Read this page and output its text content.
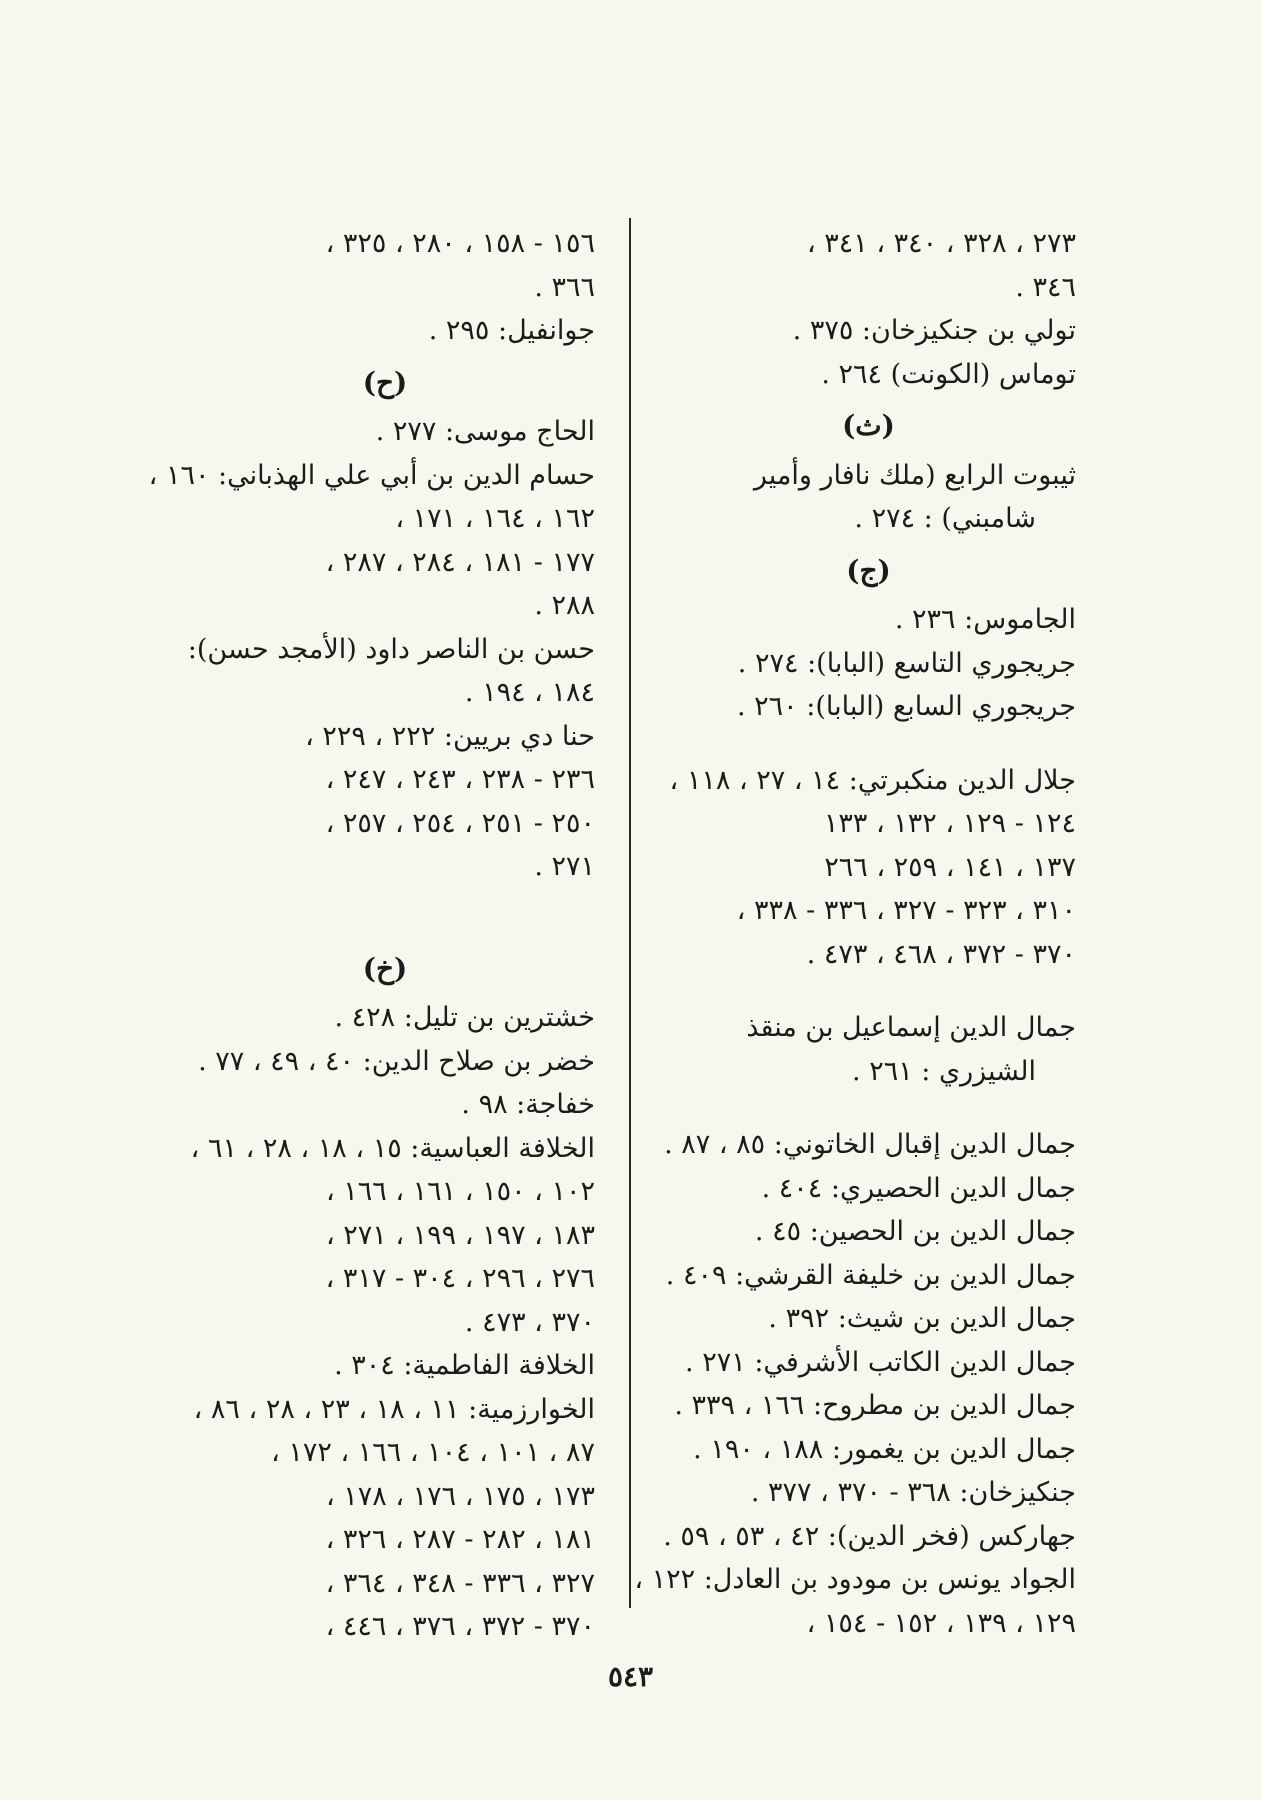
٢٧٣ ، ٣٢٨ ، ٣٤٠ ، ٣٤١ ،
٣٤٦ .
تولي بن جنكيزخان: ٣٧٥ .
توماس (الكونت) ٢٦٤ .
(ث)
ثيبوت الرابع (ملك نافار وأمير
شامبني) : ٢٧٤ .
(ج)
الجاموس: ٢٣٦ .
جريجوري التاسع (البابا): ٢٧٤ .
جريجوري السابع (البابا): ٢٦٠ .
جلال الدين منكبرتي: ١٤ ، ٢٧ ، ١١٨ ،
١٢٤ - ١٢٩ ، ١٣٢ ، ١٣٣
١٣٧ ، ١٤١ ، ٢٥٩ ، ٢٦٦
٣١٠ ، ٣٢٣ - ٣٢٧ ، ٣٣٦ - ٣٣٨ ،
٣٧٠ - ٣٧٢ ، ٤٦٨ ، ٤٧٣ .
جمال الدين إسماعيل بن منقذ
الشيزري : ٢٦١ .
جمال الدين إقبال الخاتوني: ٨٥ ، ٨٧ .
جمال الدين الحصيري: ٤٠٤ .
جمال الدين بن الحصين: ٤٥ .
جمال الدين بن خليفة القرشي: ٤٠٩ .
جمال الدين بن شيث: ٣٩٢ .
جمال الدين الكاتب الأشرفي: ٢٧١ .
جمال الدين بن مطروح: ١٦٦ ، ٣٣٩ .
جمال الدين بن يغمور: ١٨٨ ، ١٩٠ .
جنكيزخان: ٣٦٨ - ٣٧٠ ، ٣٧٧ .
جهاركس (فخر الدين): ٤٢ ، ٥٣ ، ٥٩ .
الجواد يونس بن مودود بن العادل: ١٢٢ ،
١٢٩ ، ١٣٩ ، ١٥٢ - ١٥٤ ،
١٥٦ - ١٥٨ ، ٢٨٠ ، ٣٢٥ ،
٣٦٦ .
جوانفيل: ٢٩٥ .
(ح)
الحاج موسى: ٢٧٧ .
حسام الدين بن أبي علي الهذباني: ١٦٠ ،
١٦٢ ، ١٦٤ ، ١٧١ ،
١٧٧ - ١٨١ ، ٢٨٤ ، ٢٨٧ ،
٢٨٨ .
حسن بن الناصر داود (الأمجد حسن):
١٨٤ ، ١٩٤ .
حنا دي بريين: ٢٢٢ ، ٢٢٩ ،
٢٣٦ - ٢٣٨ ، ٢٤٣ ، ٢٤٧ ،
٢٥٠ - ٢٥١ ، ٢٥٤ ، ٢٥٧ ،
٢٧١ .
(خ)
خشترين بن تليل: ٤٢٨ .
خضر بن صلاح الدين: ٤٠ ، ٤٩ ، ٧٧ .
خفاجة: ٩٨ .
الخلافة العباسية: ١٥ ، ١٨ ، ٢٨ ، ٦١ ،
١٠٢ ، ١٥٠ ، ١٦١ ، ١٦٦ ،
١٨٣ ، ١٩٧ ، ١٩٩ ، ٢٧١ ،
٢٧٦ ، ٢٩٦ ، ٣٠٤ - ٣١٧ ،
٣٧٠ ، ٤٧٣ .
الخلافة الفاطمية: ٣٠٤ .
الخوارزمية: ١١ ، ١٨ ، ٢٣ ، ٢٨ ، ٨٦ ،
٨٧ ، ١٠١ ، ١٠٤ ، ١٦٦ ، ١٧٢ ،
١٧٣ ، ١٧٥ ، ١٧٦ ، ١٧٨ ،
١٨١ ، ٢٨٢ - ٢٨٧ ، ٣٢٦ ،
٣٢٧ ، ٣٣٦ - ٣٤٨ ، ٣٦٤ ،
٣٧٠ - ٣٧٢ ، ٣٧٦ ، ٤٤٦ ،
٥٤٣
